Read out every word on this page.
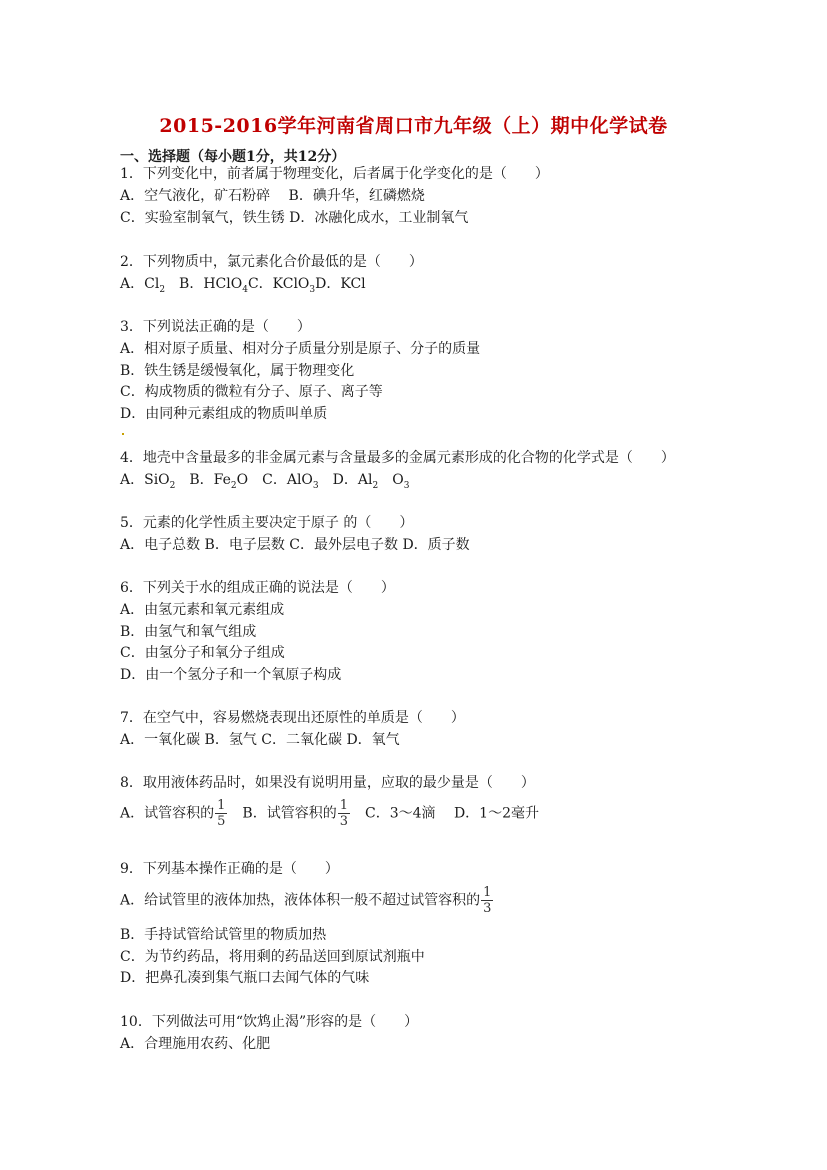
2015-2016学年河南省周口市九年级（上）期中化学试卷
一、选择题（每小题1分，共12分）
1．下列变化中，前者属于物理变化，后者属于化学变化的是（　　）
A．空气液化，矿石粉碎　 B．碘升华，红磷燃烧
C．实验室制氧气，铁生锈 D．冰融化成水，工业制氧气
2．下列物质中，氯元素化合价最低的是（　　）
A．$Cl_2$　B．HClO$_4$C．KClO$_3$D．KCl
3．下列说法正确的是（　　）
A．相对原子质量、相对分子质量分别是原子、分子的质量
B．铁生锈是缓慢氧化，属于物理变化
C．构成物质的微粒有分子、原子、离子等
D．由同种元素组成的物质叫单质
4．地壳中含量最多的非金属元素与含量最多的金属元素形成的化合物的化学式是（　　）
A．SiO$_2$　B．$Fe_2O$　C．AlO$_3$　D．$Al_2$　$O_3$
5．元素的化学性质主要决定于原子 的（　　）
A．电子总数 B．电子层数 C．最外层电子数 D．质子数
6．下列关于水的组成正确的说法是（　　）
A．由氢元素和氧元素组成
B．由氢气和氧气组成
C．由氢分子和氧分子组成
D．由一个氢分子和一个氧原子构成
7．在空气中，容易燃烧表现出还原性的单质是（　　）
A．一氧化碳 B．氢气 C．二氧化碳 D．氧气
8．取用液体药品时，如果没有说明用量，应取的最少量是（　　）
A．试管容积的 $\frac{1}{5}$ 　B．试管容积的 $\frac{1}{3}$ 　C．3～4滴　 D．1～2毫升
9．下列基本操作正确的是（　　）
A．给试管里的液体加热，液体体积一般不超过试管容积的 $\frac{1}{3}$
B．手持试管给试管里的物质加热
C．为节约药品，将用剩的药品送回到原试剂瓶中
D．把鼻孔凑到集气瓶口去闻气体的气味
10．下列做法可用“饮鸩止渴”形容的是（　　）
A．合理施用农药、化肥
